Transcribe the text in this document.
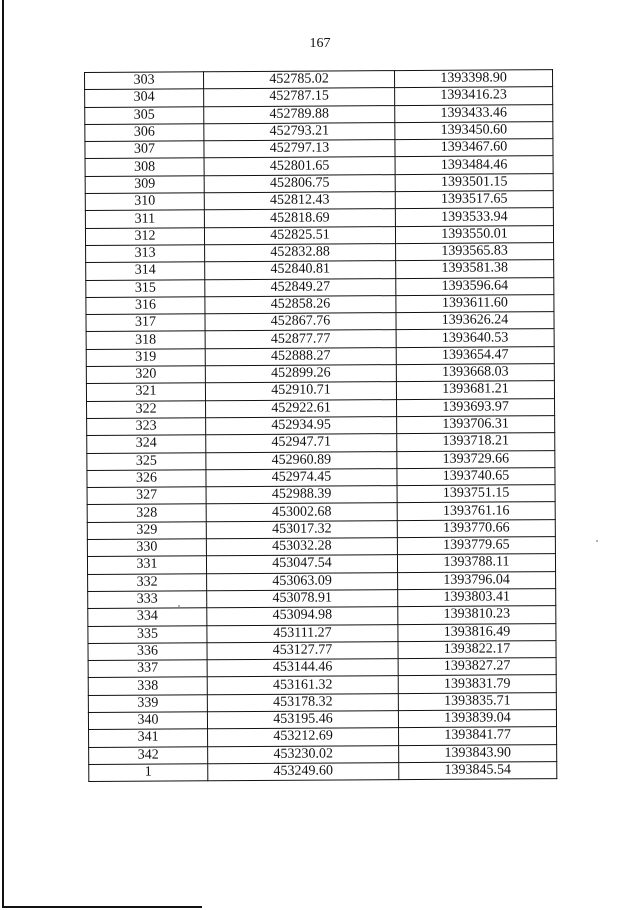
167
303	452785.02	1393398.90
304	452787.15	1393416.23
305	452789.88	1393433.46
306	452793.21	1393450.60
307	452797.13	1393467.60
308	452801.65	1393484.46
309	452806.75	1393501.15
310	452812.43	1393517.65
311	452818.69	1393533.94
312	452825.51	1393550.01
313	452832.88	1393565.83
314	452840.81	1393581.38
315	452849.27	1393596.64
316	452858.26	1393611.60
317	452867.76	1393626.24
318	452877.77	1393640.53
319	452888.27	1393654.47
320	452899.26	1393668.03
321	452910.71	1393681.21
322	452922.61	1393693.97
323	452934.95	1393706.31
324	452947.71	1393718.21
325	452960.89	1393729.66
326	452974.45	1393740.65
327	452988.39	1393751.15
328	453002.68	1393761.16
329	453017.32	1393770.66
330	453032.28	1393779.65
331	453047.54	1393788.11
332	453063.09	1393796.04
333	453078.91	1393803.41
334	453094.98	1393810.23
335	453111.27	1393816.49
336	453127.77	1393822.17
337	453144.46	1393827.27
338	453161.32	1393831.79
339	453178.32	1393835.71
340	453195.46	1393839.04
341	453212.69	1393841.77
342	453230.02	1393843.90
1	453249.60	1393845.54
